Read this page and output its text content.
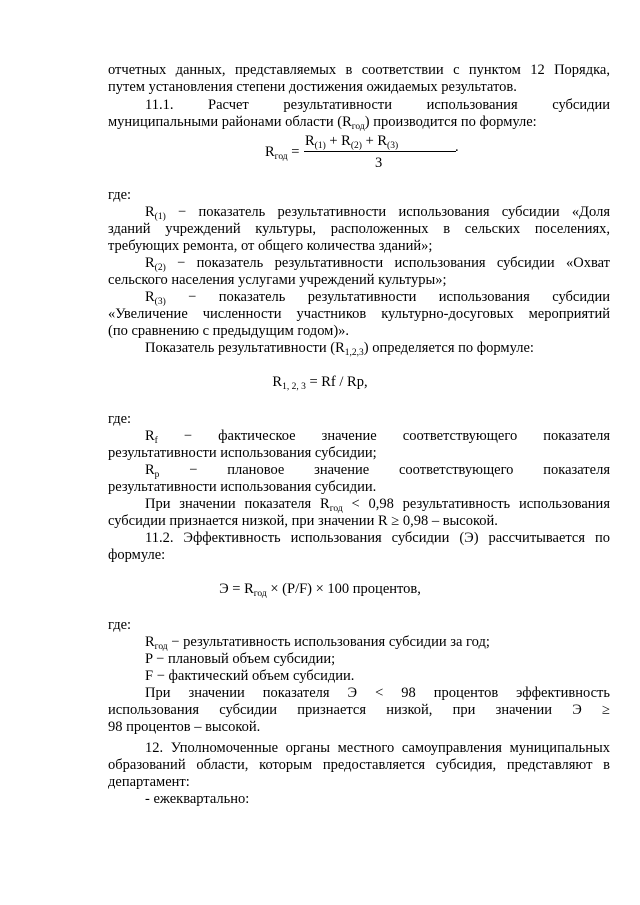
отчетных данных, представляемых в соответствии с пунктом 12 Порядка,
путем установления степени достижения ожидаемых результатов.
11.1. Расчет результативности использования субсидии
муниципальными районами области $(R_{год})$ производится по формуле:
$R_{год}$ =
$R_{(1)} + R_{(2)} + R_{(3)}$
3
.
где:
$R_{(1)}$ − показатель результативности использования субсидии «Доля
зданий учреждений культуры, расположенных в сельских поселениях,
требующих ремонта, от общего количества зданий»;
$R_{(2)}$ − показатель результативности использования субсидии «Охват
сельского населения услугами учреждений культуры»;
$R_{(3)}$ − показатель результативности использования субсидии
«Увеличение численности участников культурно-досуговых мероприятий
(по сравнению с предыдущим годом)».
Показатель результативности $(R_{1,2,3})$ определяется по формуле:
$R_{1, 2, 3} = Rf / Rp$,
где:
$R_f$ − фактическое значение соответствующего показателя
результативности использования субсидии;
$R_p$ − плановое значение соответствующего показателя
результативности использования субсидии.
При значении показателя $R_{год} < 0,98$ результативность использования
субсидии признается низкой, при значении R ≥ 0,98 – высокой.
11.2. Эффективность использования субсидии (Э) рассчитывается по
формуле:
$Э = R_{год} \times (P/F) \times 100$ процентов,
где:
$R_{год}$ − результативность использования субсидии за год;
P − плановый объем субсидии;
F − фактический объем субсидии.
При значении показателя Э < 98 процентов эффективность
использования субсидии признается низкой, при значении Э ≥
98 процентов – высокой.
12. Уполномоченные органы местного самоуправления муниципальных
образований области, которым предоставляется субсидия, представляют в
департамент:
- ежеквартально:
